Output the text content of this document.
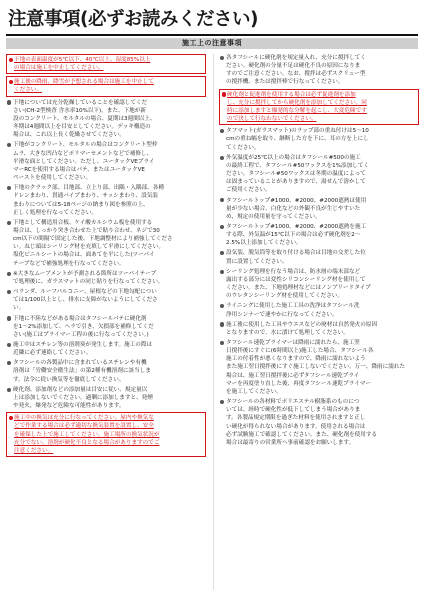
注意事項(必ずお読みください)
施工上の注意事項
下地の表面温度が5℃以下、40℃以上、湿度85%以上
の場合は施工を中止してください。
施工後の降雨、降雪が予想される場合は施工を中止して
ください。
下地については充分乾燥していることを確認してくだ
さい(CH-2型検査 含水率10%以下)。また、下地が新
設のコンクリート、モルタルの場合、夏期は3週間以上、
冬期は4週間以上を目安としてください。デッキ構造の
場合は、これ以上長く乾燥させてください。
下地がコンクリート、モルタルの場合はコンクリート型枠
ムラ、大きな凹凸などポリマーセメントなどで補修し、
平滑な面としてください。ただし、ユータックVEプライ
マーRCを使用する場合はパテ、またはユータックVE
ペーストを使用してください。
下地のクラック部、目地部、立上り部、出隅・入隅部、各種
ドレンまわり、貫通パイプまわり、サッシまわり、設気装
まわりについては5-18ページの納まり図を参照の上、
正しく処理を行なってください。
下地として構造用合板、ケイ酸カルシウム板を使用する
場合は、しっかり突き合わせた上で貼り合わせ、ネジで30
cm以下の間隔で固定した後、下地調整材により補強してくださ
い。ねじ頭はシーリング材を充填して平滑にしてください。
塩化ビニルシートの場合は、面あてを平にした(ツーパイ
テープなどで補強処理を行なってください。
※大きなムーブメントが予測される箇所はツーパイテープ
で処理後に、ガラスマットの同じ貼りを行なってください。
ベランダ、ルーフバルコニー、屋根などの下地勾配につい
ては1/100以上とし、排水に支障がないようにしてくださ
い。
下地に不陸などがある場合はタフシールパテに硬化剤
を1～2%添加して、ヘラで引き、欠損部を補修してくだ
さい(施工はプライマー工程の後に行なってください。)
施工中はスチレン等の溶剤臭が発生します。施工の際は
近隣に必ず連絡してください。
タフシールの各製品中に含まれているスチレンや有機
溶剤は「労働安全衛生法」の第2種有機溶剤に該当しま
す。法令に従い換気等を徹底してください。
硬化剤、添加剤などの添加量は目安に従い、規定量以
上は添加しないでください。過剰に添加しますと、発煙
や発火、爆発など危険な可能性があります。
施工中の換気は充分に行なってください。屋内や換気な
どで作業する場合は必ず適切な換気装置を設置し、安全
を確保した上で施工してください。施工場所の換気状況が
充分でない、溶剤が硬化不良となる場合がありますのでご
注意ください。
各タフシールに硬化剤を規定量入れ、充分に撹拌してく
ださい。硬化剤の分量不足は硬化不良の原因になりま
すのでご注意ください。なお、撹拌は必ずスクリュー型
の撹拌機、または撹拌棒で行なってください。
硬化剤と促進剤を使用する場合は必ず促進剤を添加
し、充分に撹拌してから硬化剤を添加してください。同
時に添加しますと爆発的な分解を起こし、大変危険です
ので決して行なわないでください。
タフマット(ガラスマット)のラップ部の重ね付けは5～10
cmの重ね幅を取り、継断した方を下に、耳の方を上にし
てください。
外気温度が25℃以上の場合はタフシール#500の施工
の最終工程で、タフシール#50ワックスを1%添加してく
ださい。タフシール#50ワックスは冬期の温度によって
は固まっていることがありますので、湯せんで溶かして
ご使用ください。
タフシールトップ#1000、#2000、#2000遮熱は使用
量が少ない場合、白化などの外観不良が生じやすいた
め、規定の使用量を守ってください。
タフシールトップ#1000、#2000、#2000遮熱を施工
する際、外気温が15℃以下の場合は必ず硬化剤を2～
2.5%以上添加してください。
設気装、脱気筒等を取り付ける場合は目地の交差した位
置に設置してください。
シーリング処理を行なう場合は、防水層の端末部など
露出する部分には変性シリコンシーリング材を使用して
ください。また、下地処理材などにはノンブリードタイプ
のウレタンシーリング材を使用してください。
ライニングに使用した施工工具の洗浄はタフシール洗
浄用シンナーで速やかに行なってください。
施工後に使用した工具やウエスなどの廃材は自然発火の原因
となりますので、水に漬けて処理してください。
タフシール速乾プライマーは降雨に濡れたら、施工翌
日撹拌後にすぐに(6時間以上)施工した場合、タフシール各
施工の付着性が悪くなりますので、降雨に濡れないよう
また施工翌日撹拌後にすぐ施工しないでください。万一、降雨に濡れた
場合は、施工翌日撹拌後に必ずタフシール速乾プライ
マーを再度塗り直した後、再度タフシール速乾プライマー
を施工してください。
タフシールの各材料でポリエステル樹脂系のものにつ
いては、経時で硬化性が低下してしまう場合がありま
す。各製品規定期限を過ぎた材料を使用されますと正し
い硬化が得られない場合があります。使用される場合は
必ず試験施工で確認してください。また、硬化剤を使用する
場合は最寄りの営業所へ事前確認をお願いします。
